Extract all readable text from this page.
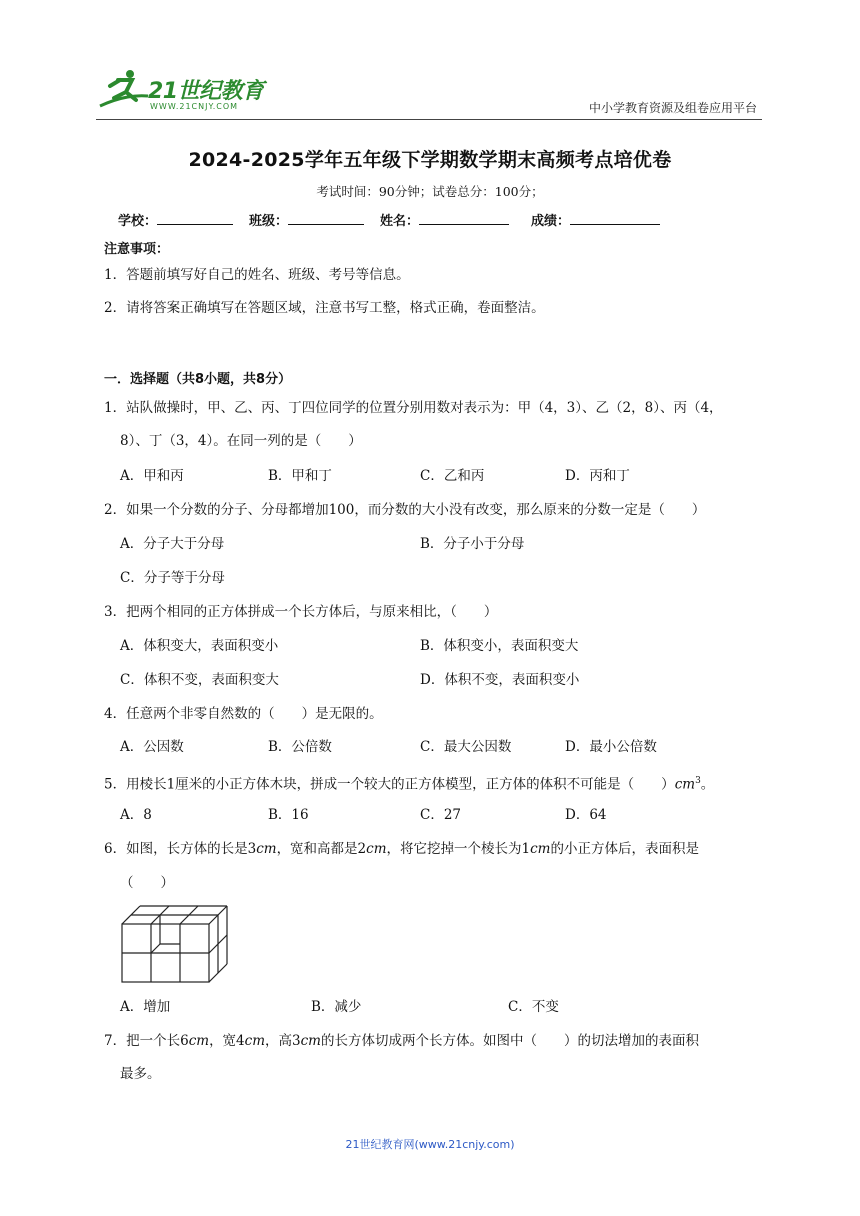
21世纪教育
WWW.21CNJY.COM	中小学教育资源及组卷应用平台
2024-2025学年五年级下学期数学期末高频考点培优卷
考试时间：90分钟；试卷总分：100分；
学校：	班级：	姓名：	成绩：
注意事项：
1．答题前填写好自己的姓名、班级、考号等信息。
2．请将答案正确填写在答题区域，注意书写工整，格式正确，卷面整洁。
一．选择题（共8小题，共8分）
1．站队做操时，甲、乙、丙、丁四位同学的位置分别用数对表示为：甲（4，3）、乙（2，8）、丙（4，
8）、丁（3，4）。在同一列的是（　　）
A．甲和丙	B．甲和丁	C．乙和丙	D．丙和丁
2．如果一个分数的分子、分母都增加100，而分数的大小没有改变，那么原来的分数一定是（　　）
A．分子大于分母	B．分子小于分母
C．分子等于分母
3．把两个相同的正方体拼成一个长方体后，与原来相比，（　　）
A．体积变大，表面积变小	B．体积变小，表面积变大
C．体积不变，表面积变大	D．体积不变，表面积变小
4．任意两个非零自然数的（　　）是无限的。
A．公因数	B．公倍数	C．最大公因数	D．最小公倍数
5．用棱长1厘米的小正方体木块，拼成一个较大的正方体模型，正方体的体积不可能是（　　）$cm^3$。
A．8	B．16	C．27	D．64
6．如图，长方体的长是3cm，宽和高都是2cm，将它挖掉一个棱长为1cm的小正方体后，表面积是
（　　）
A．增加	B．减少	C．不变
7．把一个长6cm，宽4cm，高3cm的长方体切成两个长方体。如图中（　　）的切法增加的表面积
最多。
21世纪教育网(www.21cnjy.com)
